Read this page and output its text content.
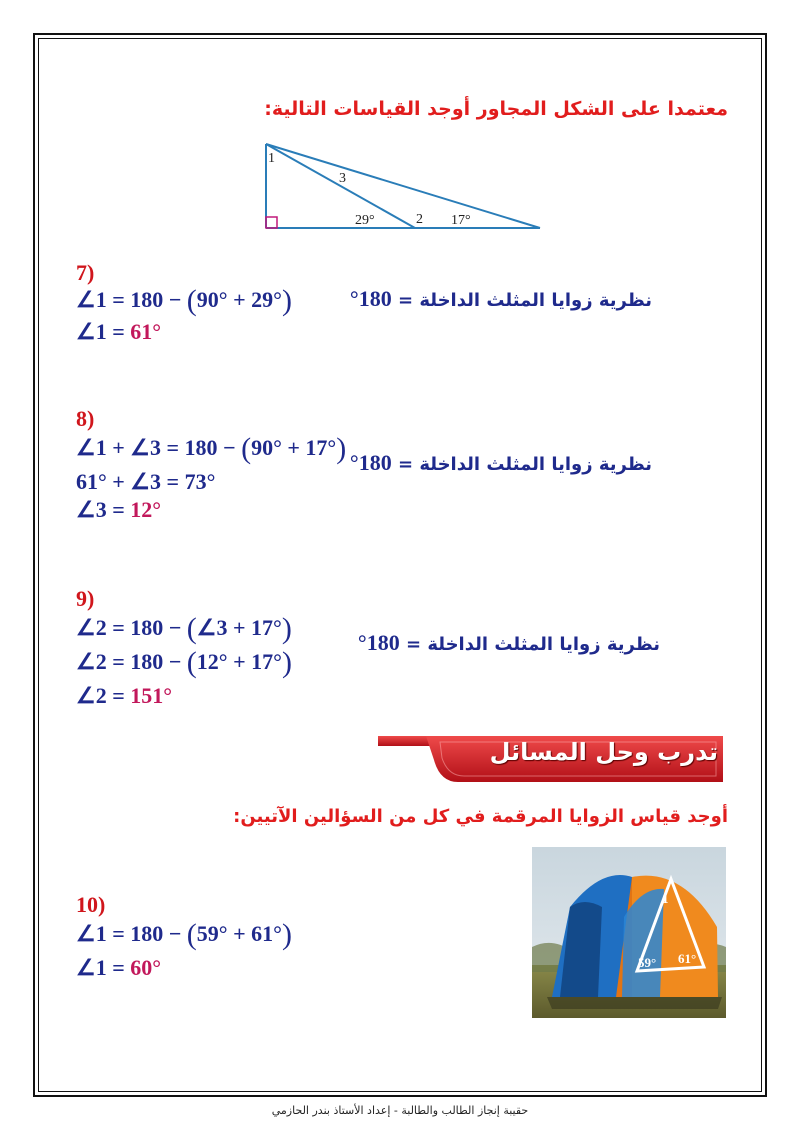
معتمدا على الشكل المجاور أوجد القياسات التالية:
1
3
29°	2 17°
7)
∠1 = 180 − (90° + 29°)
∠1 = 61°
نظرية زوايا المثلث الداخلة = 180°
8)
∠1 + ∠3 = 180 − (90° + 17°)
61° + ∠3 = 73°
∠3 = 12°
نظرية زوايا المثلث الداخلة = 180°
9)
∠2 = 180 − (∠3 + 17°)
∠2 = 180 − (12° + 17°)
∠2 = 151°
نظرية زوايا المثلث الداخلة = 180°
تدرب وحل المسائل
أوجد قياس الزوايا المرقمة في كل من السؤالين الآتيين:
10)
∠1 = 180 − (59° + 61°)
∠1 = 60°
1
59° 61°
حقيبة إنجاز الطالب والطالبة - إعداد الأستاذ بندر الحازمي
